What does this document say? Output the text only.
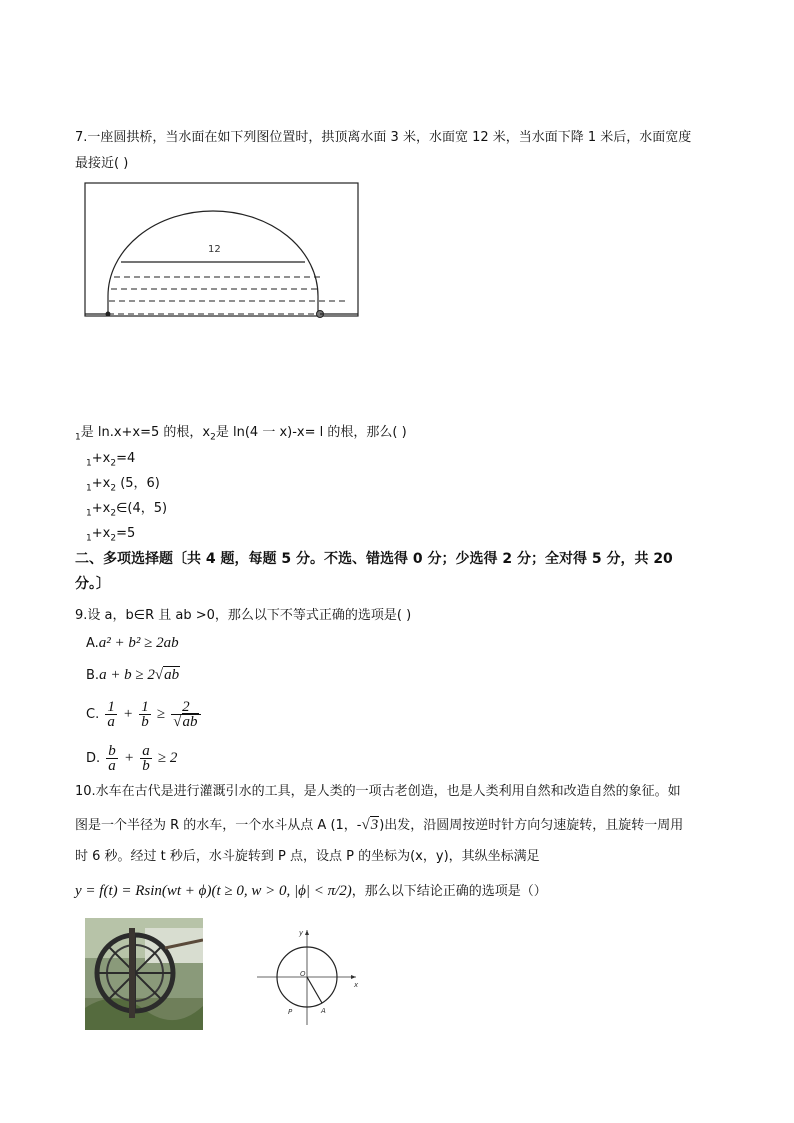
7.一座圆拱桥，当水面在如下列图位置时，拱顶离水面 3 米，水面宽 12 米，当水面下降 1 米后，水面宽度
最接近( )
12
$_1$是 ln.x+x=5 的根，$x_2$是 ln(4 一 x)-x= l 的根，那么( )
$_1+x_2=4$
$_1+x_2$ (5，6)
$_1+x_2\in(4$，5)
$_1+x_2=5$
二、多项选择题〔共 4 题，每题 5 分。不选、错选得 0 分；少选得 2 分；全对得 5 分，共 20
分。〕
9.设 a，b∈R 且 ab >0，那么以下不等式正确的选项是( )
A.a² + b² ≥ 2ab
B.a + b ≥ 2√ab
C. $\frac{1}{a} + \frac{1}{b} \ge \frac{2}{√ab}$
D. $\frac{b}{a} + \frac{a}{b} \ge 2$
10.水车在古代是进行灌溉引水的工具，是人类的一项古老创造，也是人类利用自然和改造自然的象征。如
图是一个半径为 R 的水车，一个水斗从点 A (1，-√3)出发，沿圆周按逆时针方向匀速旋转，且旋转一周用
时 6 秒。经过 t 秒后，水斗旋转到 P 点，设点 P 的坐标为(x，y)，其纵坐标满足
y = f(t) = Rsin(wt + ϕ)(t ≥ 0, w > 0, |ϕ| < π/2)，那么以下结论正确的选项是（）
y
x
O
P	A
